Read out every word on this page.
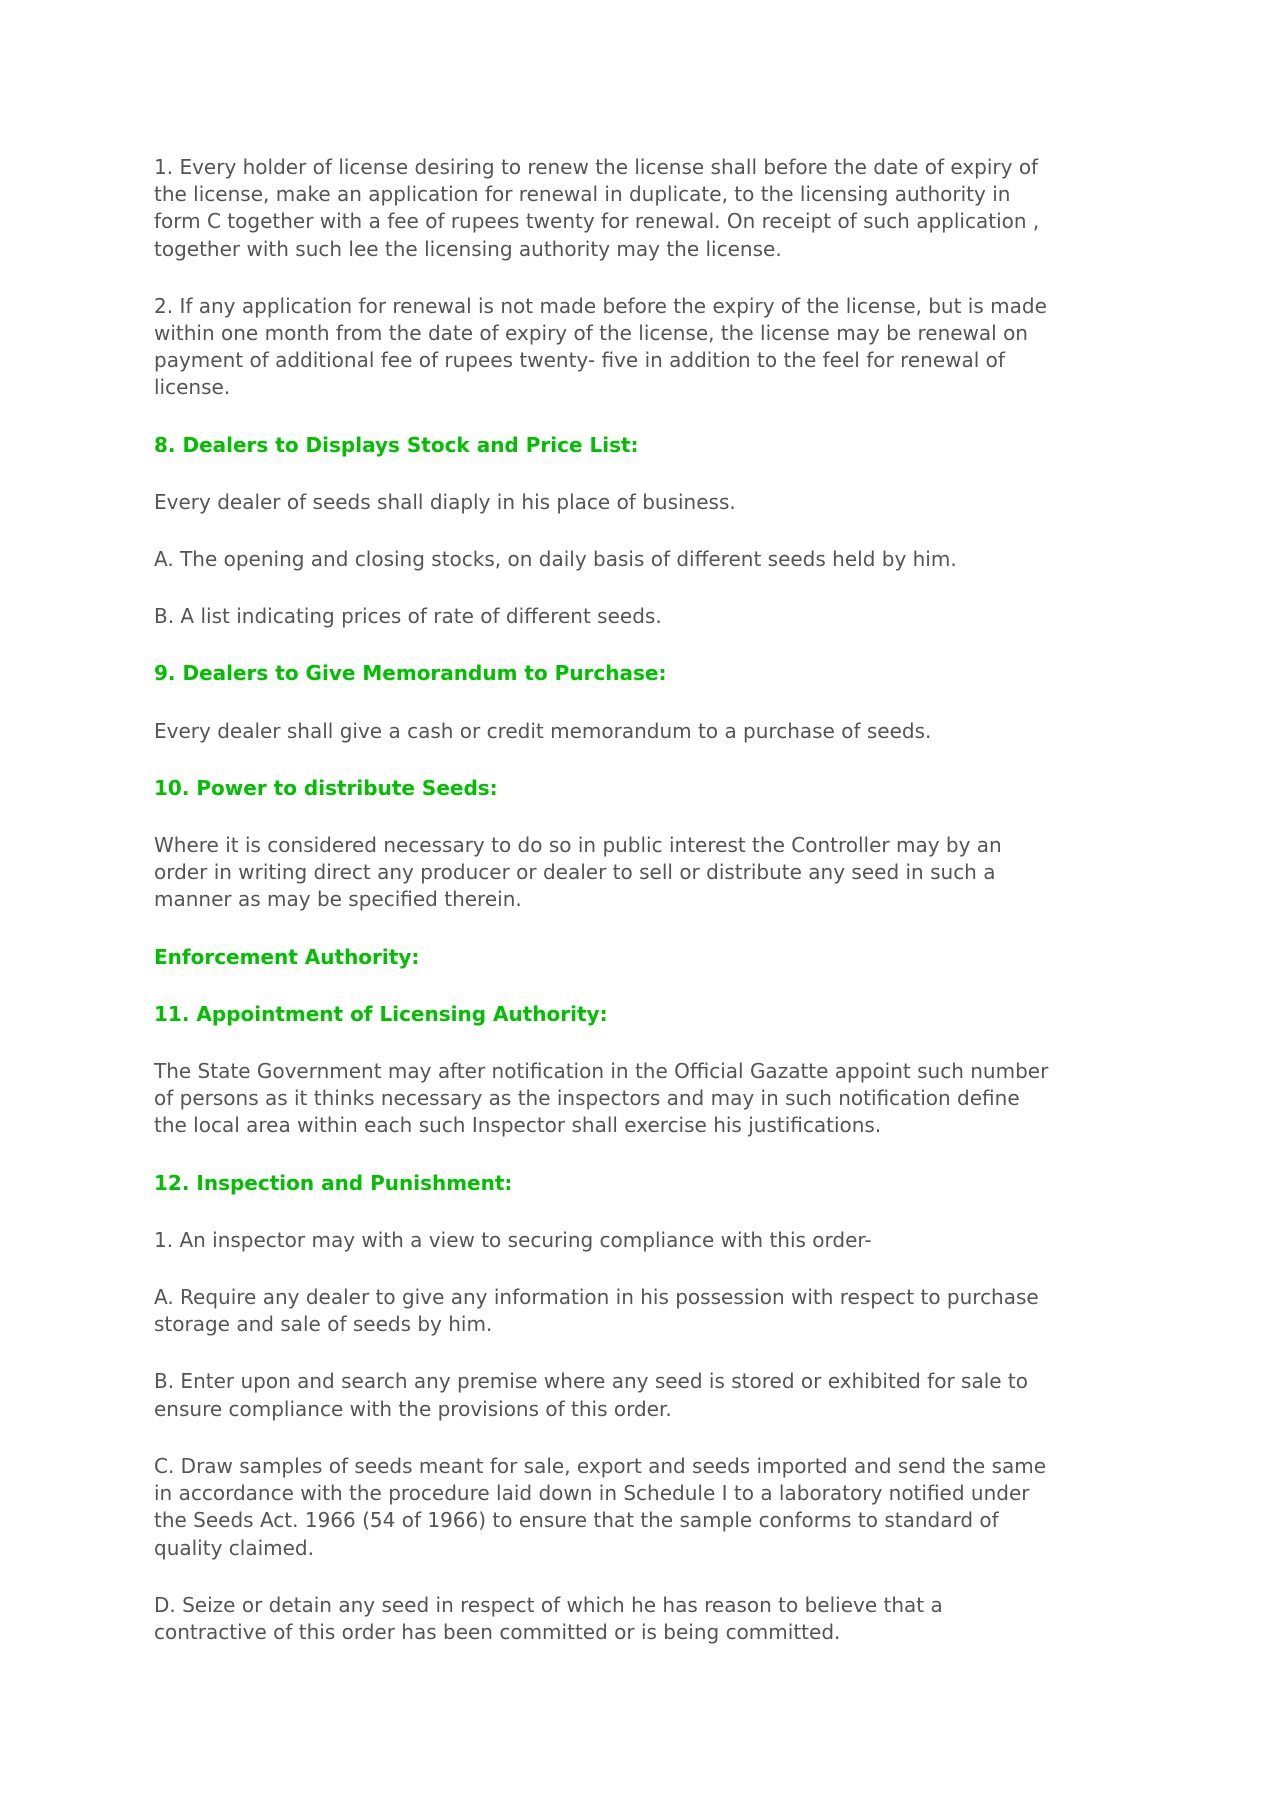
1. Every holder of license desiring to renew the license shall before the date of expiry of
the license, make an application for renewal in duplicate, to the licensing authority in
form C together with a fee of rupees twenty for renewal. On receipt of such application ,
together with such lee the licensing authority may the license.
2. If any application for renewal is not made before the expiry of the license, but is made
within one month from the date of expiry of the license, the license may be renewal on
payment of additional fee of rupees twenty- five in addition to the feel for renewal of
license.
8. Dealers to Displays Stock and Price List:
Every dealer of seeds shall diaply in his place of business.
A. The opening and closing stocks, on daily basis of different seeds held by him.
B. A list indicating prices of rate of different seeds.
9. Dealers to Give Memorandum to Purchase:
Every dealer shall give a cash or credit memorandum to a purchase of seeds.
10. Power to distribute Seeds:
Where it is considered necessary to do so in public interest the Controller may by an
order in writing direct any producer or dealer to sell or distribute any seed in such a
manner as may be specified therein.
Enforcement Authority:
11. Appointment of Licensing Authority:
The State Government may after notification in the Official Gazatte appoint such number
of persons as it thinks necessary as the inspectors and may in such notification define
the local area within each such Inspector shall exercise his justifications.
12. Inspection and Punishment:
1. An inspector may with a view to securing compliance with this order-
A. Require any dealer to give any information in his possession with respect to purchase
storage and sale of seeds by him.
B. Enter upon and search any premise where any seed is stored or exhibited for sale to
ensure compliance with the provisions of this order.
C. Draw samples of seeds meant for sale, export and seeds imported and send the same
in accordance with the procedure laid down in Schedule I to a laboratory notified under
the Seeds Act. 1966 (54 of 1966) to ensure that the sample conforms to standard of
quality claimed.
D. Seize or detain any seed in respect of which he has reason to believe that a
contractive of this order has been committed or is being committed.
